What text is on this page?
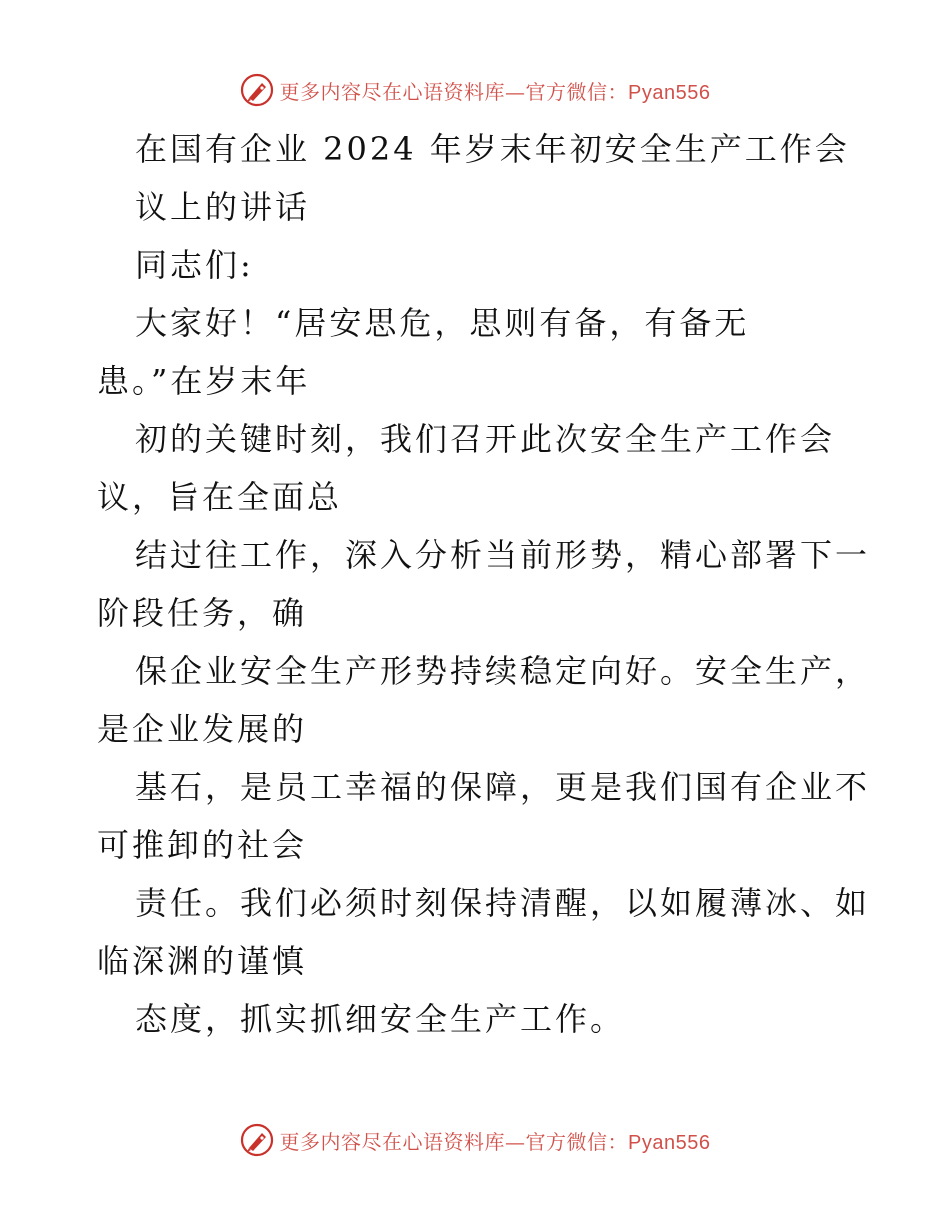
更多内容尽在心语资料库—官方微信：Pyan556
在国有企业 2024 年岁末年初安全生产工作会
议上的讲话
同志们:
大家好！“居安思危，思则有备，有备无
患。”在岁末年
初的关键时刻，我们召开此次安全生产工作会
议，旨在全面总
结过往工作，深入分析当前形势，精心部署下一
阶段任务，确
保企业安全生产形势持续稳定向好。安全生产，
是企业发展的
基石，是员工幸福的保障，更是我们国有企业不
可推卸的社会
责任。我们必须时刻保持清醒，以如履薄冰、如
临深渊的谨慎
态度，抓实抓细安全生产工作。
更多内容尽在心语资料库—官方微信：Pyan556
